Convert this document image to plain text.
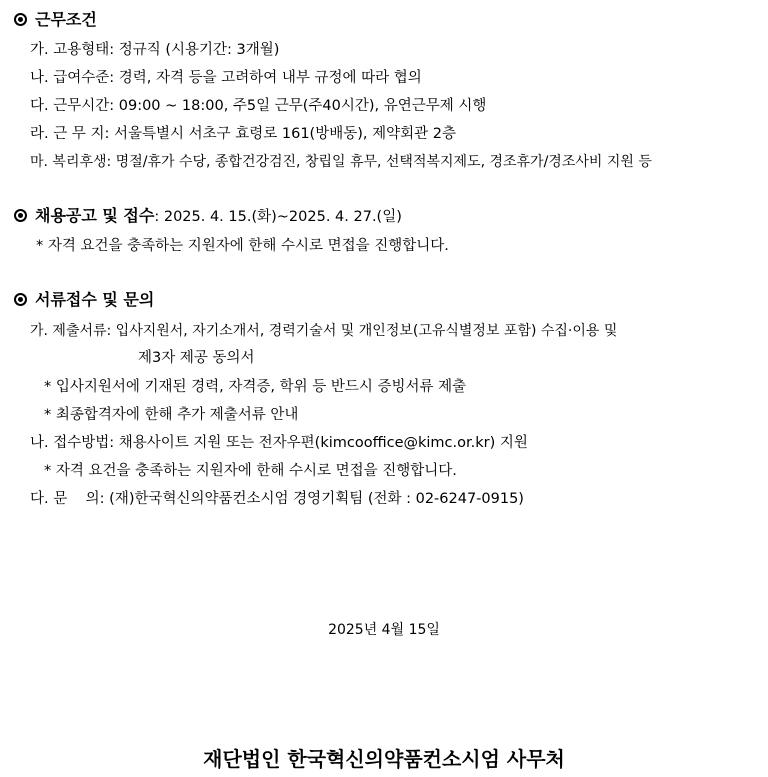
근무조건
가. 고용형태: 정규직 (시용기간: 3개월)
나. 급여수준: 경력, 자격 등을 고려하여 내부 규정에 따라 협의
다. 근무시간: 09:00 ~ 18:00, 주5일 근무(주40시간), 유연근무제 시행
라. 근 무 지: 서울특별시 서초구 효령로 161(방배동), 제약회관 2층
마. 복리후생: 명절/휴가 수당, 종합건강검진, 창립일 휴무, 선택적복지제도, 경조휴가/경조사비 지원 등
채용공고 및 접수: 2025. 4. 15.(화)~2025. 4. 27.(일)
* 자격 요건을 충족하는 지원자에 한해 수시로 면접을 진행합니다.
서류접수 및 문의
가. 제출서류: 입사지원서, 자기소개서, 경력기술서 및 개인정보(고유식별정보 포함) 수집·이용 및
제3자 제공 동의서
* 입사지원서에 기재된 경력, 자격증, 학위 등 반드시 증빙서류 제출
* 최종합격자에 한해 추가 제출서류 안내
나. 접수방법: 채용사이트 지원 또는 전자우편(kimcooffice@kimc.or.kr) 지원
* 자격 요건을 충족하는 지원자에 한해 수시로 면접을 진행합니다.
다. 문    의: (재)한국혁신의약품컨소시엄 경영기획팀 (전화 : 02-6247-0915)
2025년 4월 15일
재단법인 한국혁신의약품컨소시엄 사무처
